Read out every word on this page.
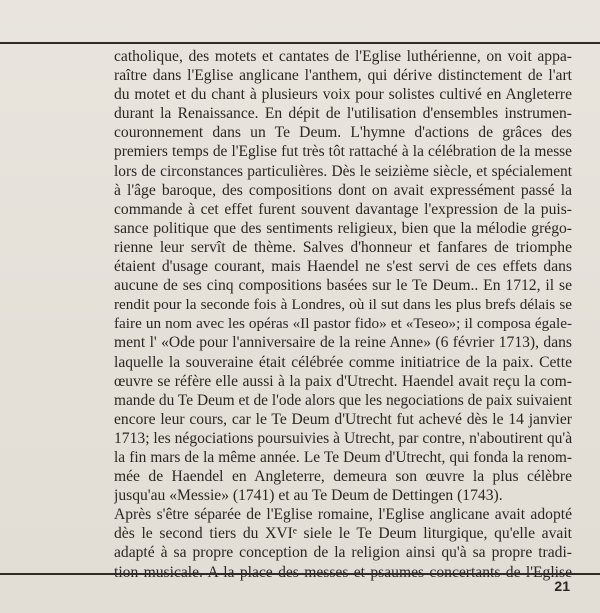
catholique, des motets et cantates de l'Eglise luthérienne, on voit appa-
raître dans l'Eglise anglicane l'anthem, qui dérive distinctement de l'art
du motet et du chant à plusieurs voix pour solistes cultivé en Angleterre
durant la Renaissance. En dépit de l'utilisation d'ensembles instrumen-
couronnement dans un Te Deum. L'hymne d'actions de grâces des
premiers temps de l'Eglise fut très tôt rattaché à la célébration de la messe
lors de circonstances particulières. Dès le seizième siècle, et spécialement
à l'âge baroque, des compositions dont on avait expressément passé la
commande à cet effet furent souvent davantage l'expression de la puis-
sance politique que des sentiments religieux, bien que la mélodie grégo-
rienne leur servît de thème. Salves d'honneur et fanfares de triomphe
étaient d'usage courant, mais Haendel ne s'est servi de ces effets dans
aucune de ses cinq compositions basées sur le Te Deum.. En 1712, il se
rendit pour la seconde fois à Londres, où il sut dans les plus brefs délais se
faire un nom avec les opéras «Il pastor fido» et «Teseo»; il composa égale-
ment l' «Ode pour l'anniversaire de la reine Anne» (6 février 1713), dans
laquelle la souveraine était célébrée comme initiatrice de la paix. Cette
œuvre se réfère elle aussi à la paix d'Utrecht. Haendel avait reçu la com-
mande du Te Deum et de l'ode alors que les negociations de paix suivaient
encore leur cours, car le Te Deum d'Utrecht fut achevé dès le 14 janvier
1713; les négociations poursuivies à Utrecht, par contre, n'aboutirent qu'à
la fin mars de la même année. Le Te Deum d'Utrecht, qui fonda la renom-
mée de Haendel en Angleterre, demeura son œuvre la plus célèbre
jusqu'au «Messie» (1741) et au Te Deum de Dettingen (1743).
Après s'être séparée de l'Eglise romaine, l'Eglise anglicane avait adopté
dès le second tiers du XVIᵉ siele le Te Deum liturgique, qu'elle avait
adapté à sa propre conception de la religion ainsi qu'à sa propre tradi-
21
